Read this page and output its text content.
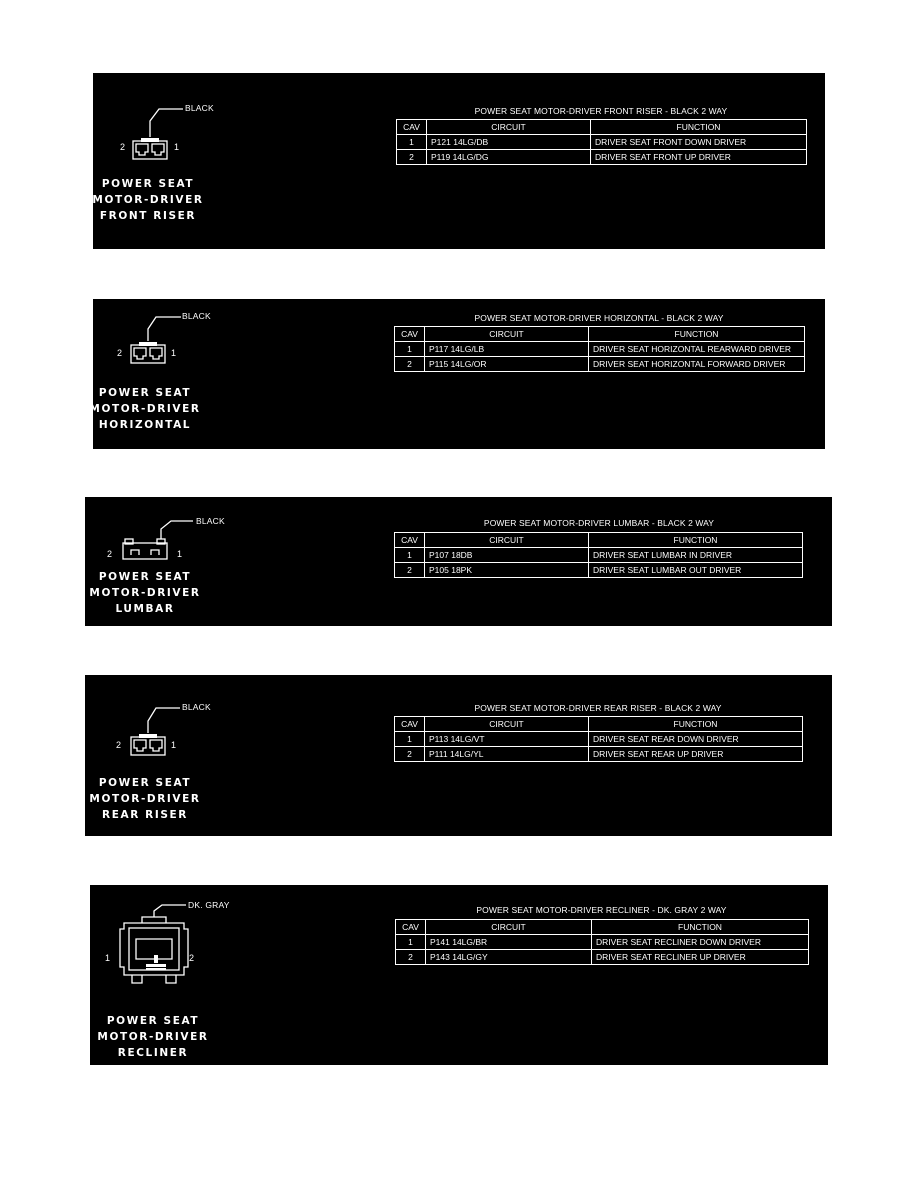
BLACK
2	1
POWER SEAT
MOTOR-DRIVER
FRONT RISER
POWER SEAT MOTOR-DRIVER FRONT RISER - BLACK 2 WAY
CAV	CIRCUIT	FUNCTION
1	P121 14LG/DB	DRIVER SEAT FRONT DOWN DRIVER
2	P119 14LG/DG	DRIVER SEAT FRONT UP DRIVER
BLACK
2	1
POWER SEAT
MOTOR-DRIVER
HORIZONTAL
POWER SEAT MOTOR-DRIVER HORIZONTAL - BLACK 2 WAY
CAV	CIRCUIT	FUNCTION
1	P117 14LG/LB	DRIVER SEAT HORIZONTAL REARWARD DRIVER
2	P115 14LG/OR	DRIVER SEAT HORIZONTAL FORWARD DRIVER
BLACK
2	1
POWER SEAT
MOTOR-DRIVER
LUMBAR
POWER SEAT MOTOR-DRIVER LUMBAR - BLACK 2 WAY
CAV	CIRCUIT	FUNCTION
1	P107 18DB	DRIVER SEAT LUMBAR IN DRIVER
2	P105 18PK	DRIVER SEAT LUMBAR OUT DRIVER
BLACK
2	1
POWER SEAT
MOTOR-DRIVER
REAR RISER
POWER SEAT MOTOR-DRIVER REAR RISER - BLACK 2 WAY
CAV	CIRCUIT	FUNCTION
1	P113 14LG/VT	DRIVER SEAT REAR DOWN DRIVER
2	P111 14LG/YL	DRIVER SEAT REAR UP DRIVER
DK. GRAY
1	2
POWER SEAT
MOTOR-DRIVER
RECLINER
POWER SEAT MOTOR-DRIVER RECLINER - DK. GRAY 2 WAY
CAV	CIRCUIT	FUNCTION
1	P141 14LG/BR	DRIVER SEAT RECLINER DOWN DRIVER
2	P143 14LG/GY	DRIVER SEAT RECLINER UP DRIVER
